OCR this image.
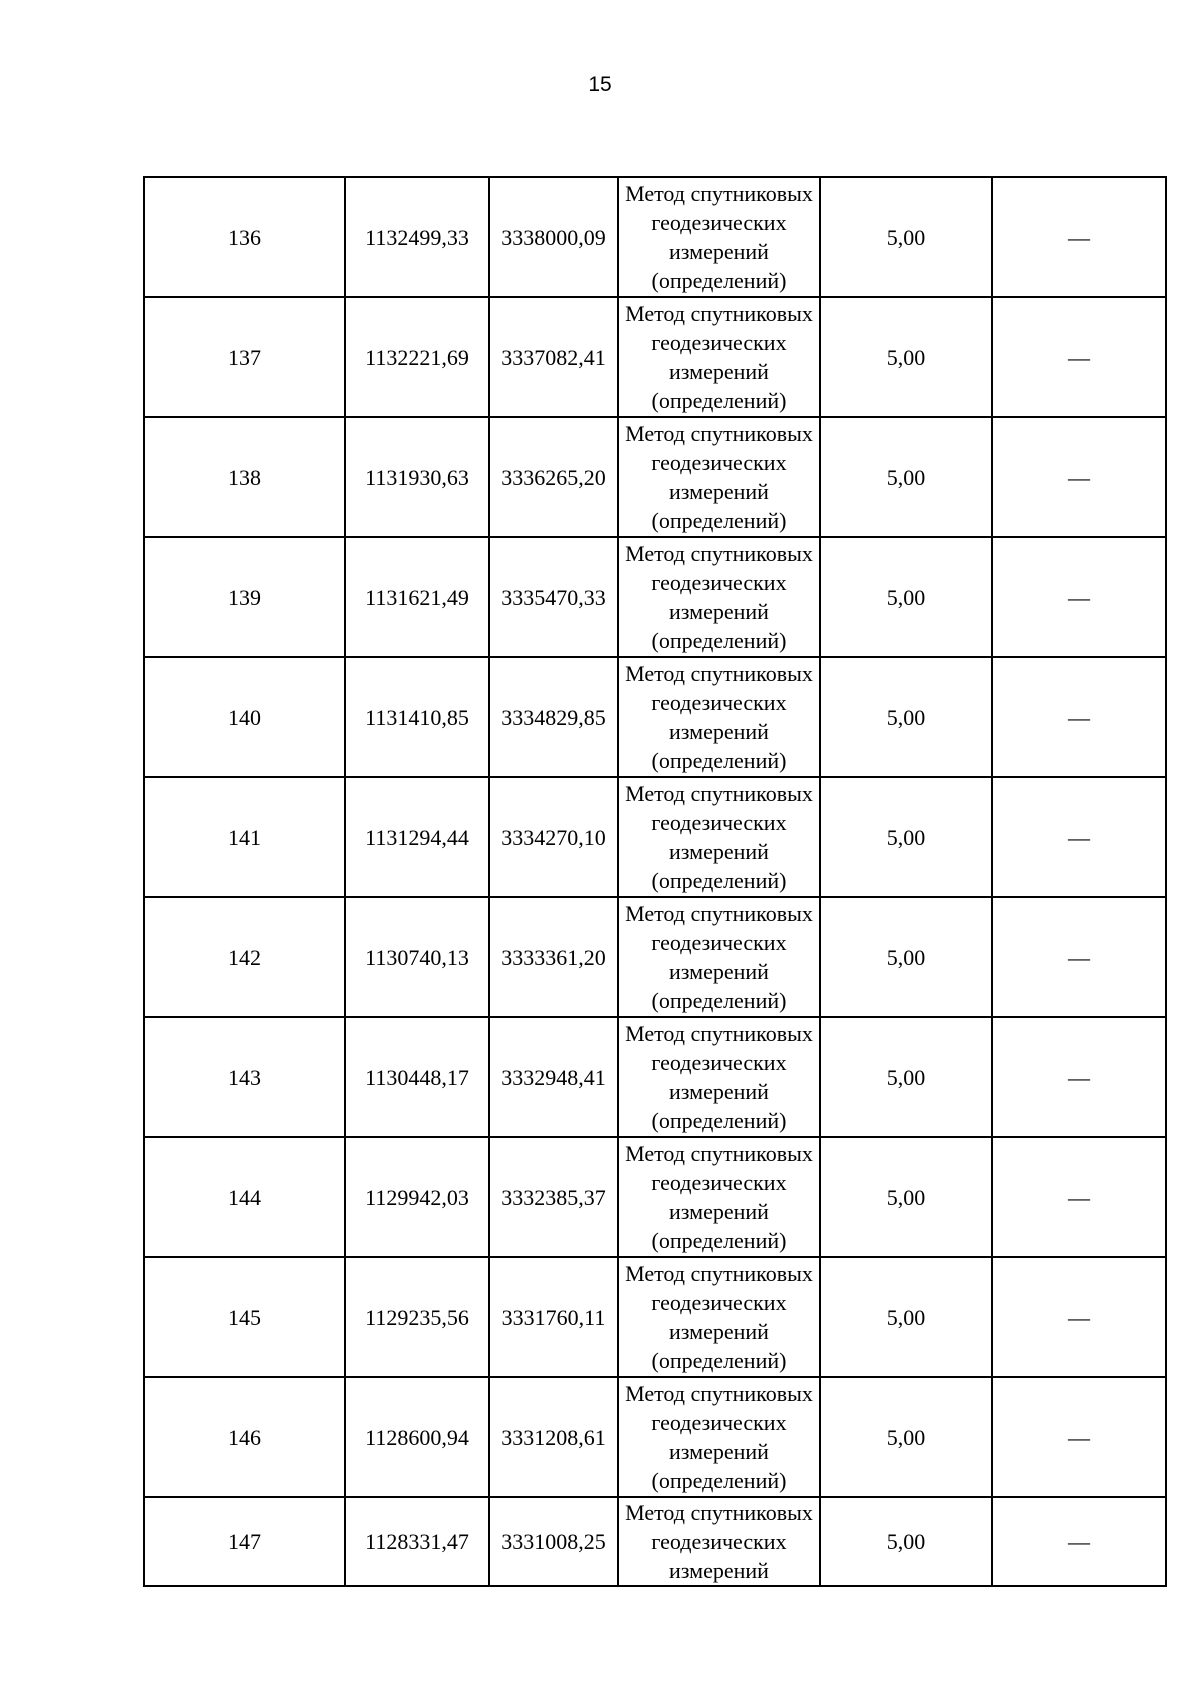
15
136	1132499,33	3338000,09	Метод спутниковых
геодезических
измерений
(определений)	5,00	—
137	1132221,69	3337082,41	Метод спутниковых
геодезических
измерений
(определений)	5,00	—
138	1131930,63	3336265,20	Метод спутниковых
геодезических
измерений
(определений)	5,00	—
139	1131621,49	3335470,33	Метод спутниковых
геодезических
измерений
(определений)	5,00	—
140	1131410,85	3334829,85	Метод спутниковых
геодезических
измерений
(определений)	5,00	—
141	1131294,44	3334270,10	Метод спутниковых
геодезических
измерений
(определений)	5,00	—
142	1130740,13	3333361,20	Метод спутниковых
геодезических
измерений
(определений)	5,00	—
143	1130448,17	3332948,41	Метод спутниковых
геодезических
измерений
(определений)	5,00	—
144	1129942,03	3332385,37	Метод спутниковых
геодезических
измерений
(определений)	5,00	—
145	1129235,56	3331760,11	Метод спутниковых
геодезических
измерений
(определений)	5,00	—
146	1128600,94	3331208,61	Метод спутниковых
геодезических
измерений
(определений)	5,00	—
147	1128331,47	3331008,25	Метод спутниковых
геодезических
измерений	5,00	—
